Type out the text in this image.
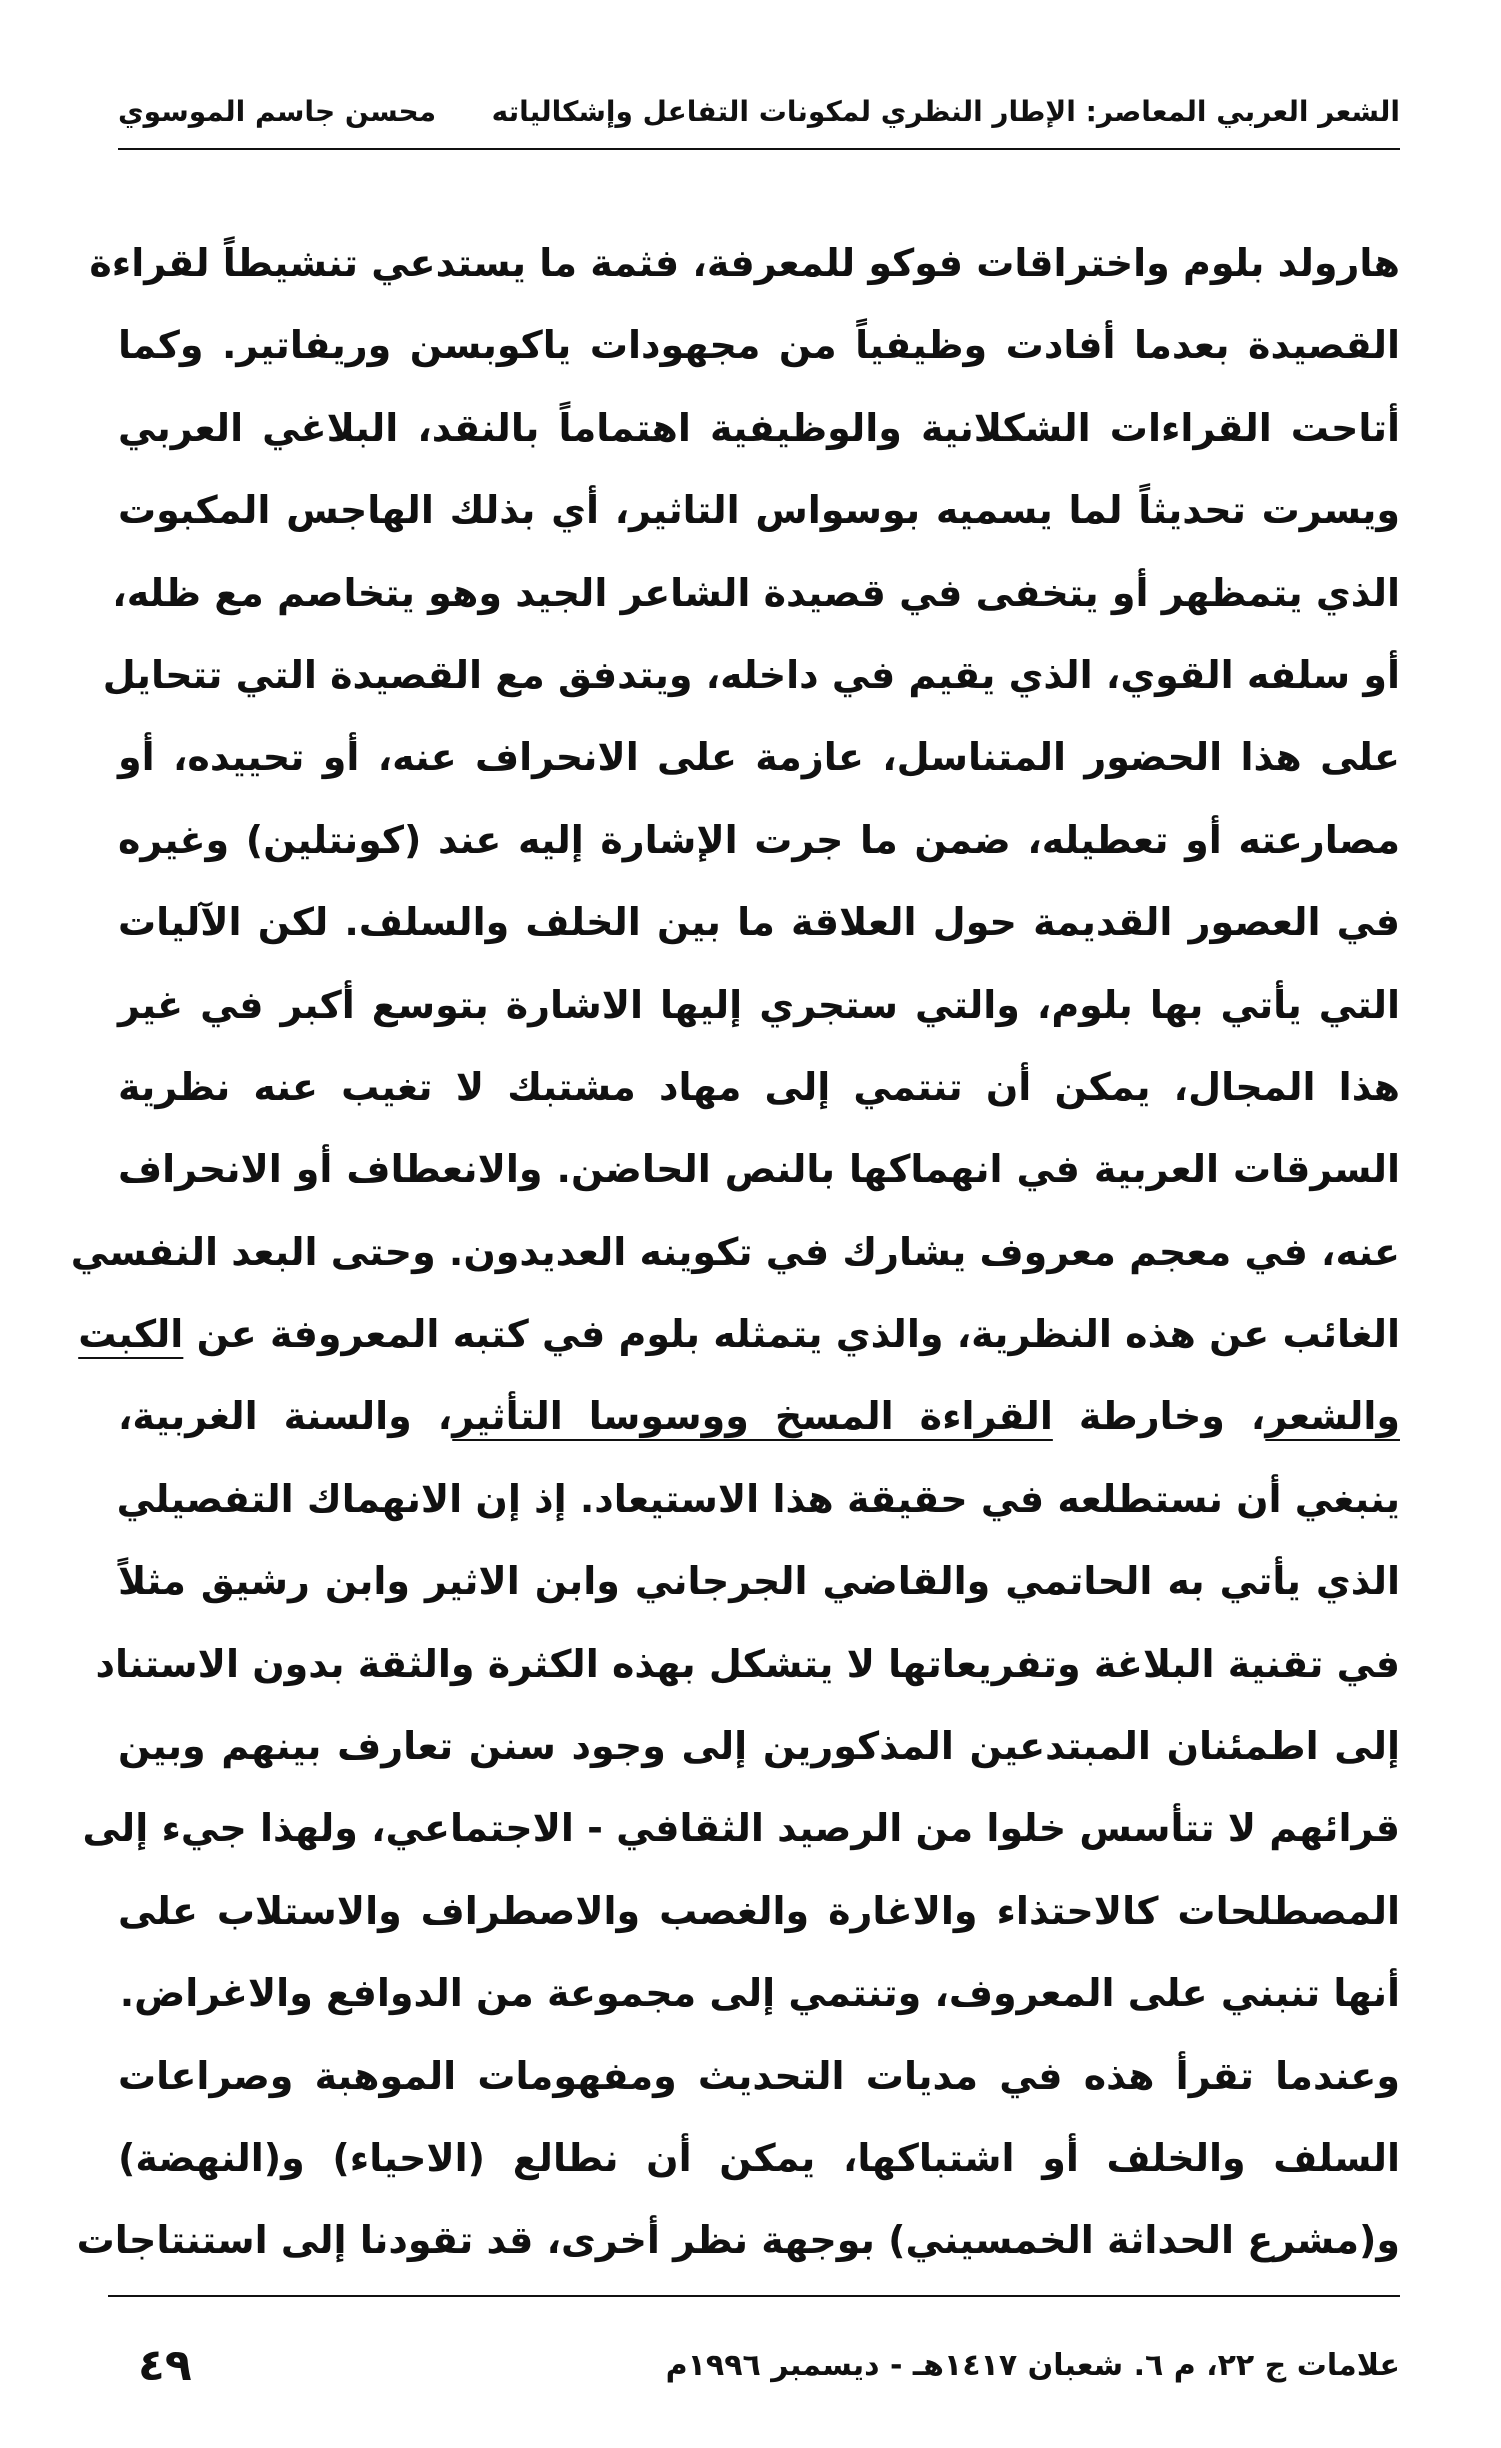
الشعر العربي المعاصر: الإطار النظري لمكونات التفاعل وإشكالياته
محسن جاسم الموسوي
هارولد بلوم واختراقات فوكو للمعرفة، فثمة ما يستدعي تنشيطاً لقراءة
القصيدة بعدما أفادت وظيفياً من مجهودات ياكوبسن وريفاتير. وكما
أتاحت القراءات الشكلانية والوظيفية اهتماماً بالنقد، البلاغي العربي
ويسرت تحديثاً لما يسميه بوسواس التاثير، أي بذلك الهاجس المكبوت
الذي يتمظهر أو يتخفى في قصيدة الشاعر الجيد وهو يتخاصم مع ظله،
أو سلفه القوي، الذي يقيم في داخله، ويتدفق مع القصيدة التي تتحايل
على هذا الحضور المتناسل، عازمة على الانحراف عنه، أو تحييده، أو
مصارعته أو تعطيله، ضمن ما جرت الإشارة إليه عند (كونتلين) وغيره
في العصور القديمة حول العلاقة ما بين الخلف والسلف. لكن الآليات
التي يأتي بها بلوم، والتي ستجري إليها الاشارة بتوسع أكبر في غير
هذا المجال، يمكن أن تنتمي إلى مهاد مشتبك لا تغيب عنه نظرية
السرقات العربية في انهماكها بالنص الحاضن. والانعطاف أو الانحراف
عنه، في معجم معروف يشارك في تكوينه العديدون. وحتى البعد النفسي
الغائب عن هذه النظرية، والذي يتمثله بلوم في كتبه المعروفة عن الكبت
والشعر، وخارطة القراءة المسخ ووسوسا التأثير، والسنة الغربية،
ينبغي أن نستطلعه في حقيقة هذا الاستيعاد. إذ إن الانهماك التفصيلي
الذي يأتي به الحاتمي والقاضي الجرجاني وابن الاثير وابن رشيق مثلاً
في تقنية البلاغة وتفريعاتها لا يتشكل بهذه الكثرة والثقة بدون الاستناد
إلى اطمئنان المبتدعين المذكورين إلى وجود سنن تعارف بينهم وبين
قرائهم لا تتأسس خلوا من الرصيد الثقافي - الاجتماعي، ولهذا جيء إلى
المصطلحات كالاحتذاء والاغارة والغصب والاصطراف والاستلاب على
أنها تنبني على المعروف، وتنتمي إلى مجموعة من الدوافع والاغراض.
وعندما تقرأ هذه في مديات التحديث ومفهومات الموهبة وصراعات
السلف والخلف أو اشتباكها، يمكن أن نطالع (الاحياء) و(النهضة)
و(مشرع الحداثة الخمسيني) بوجهة نظر أخرى، قد تقودنا إلى استنتاجات
علامات ج ٢٢، م ٦. شعبان ١٤١٧هـ - ديسمبر ١٩٩٦م
٤٩
